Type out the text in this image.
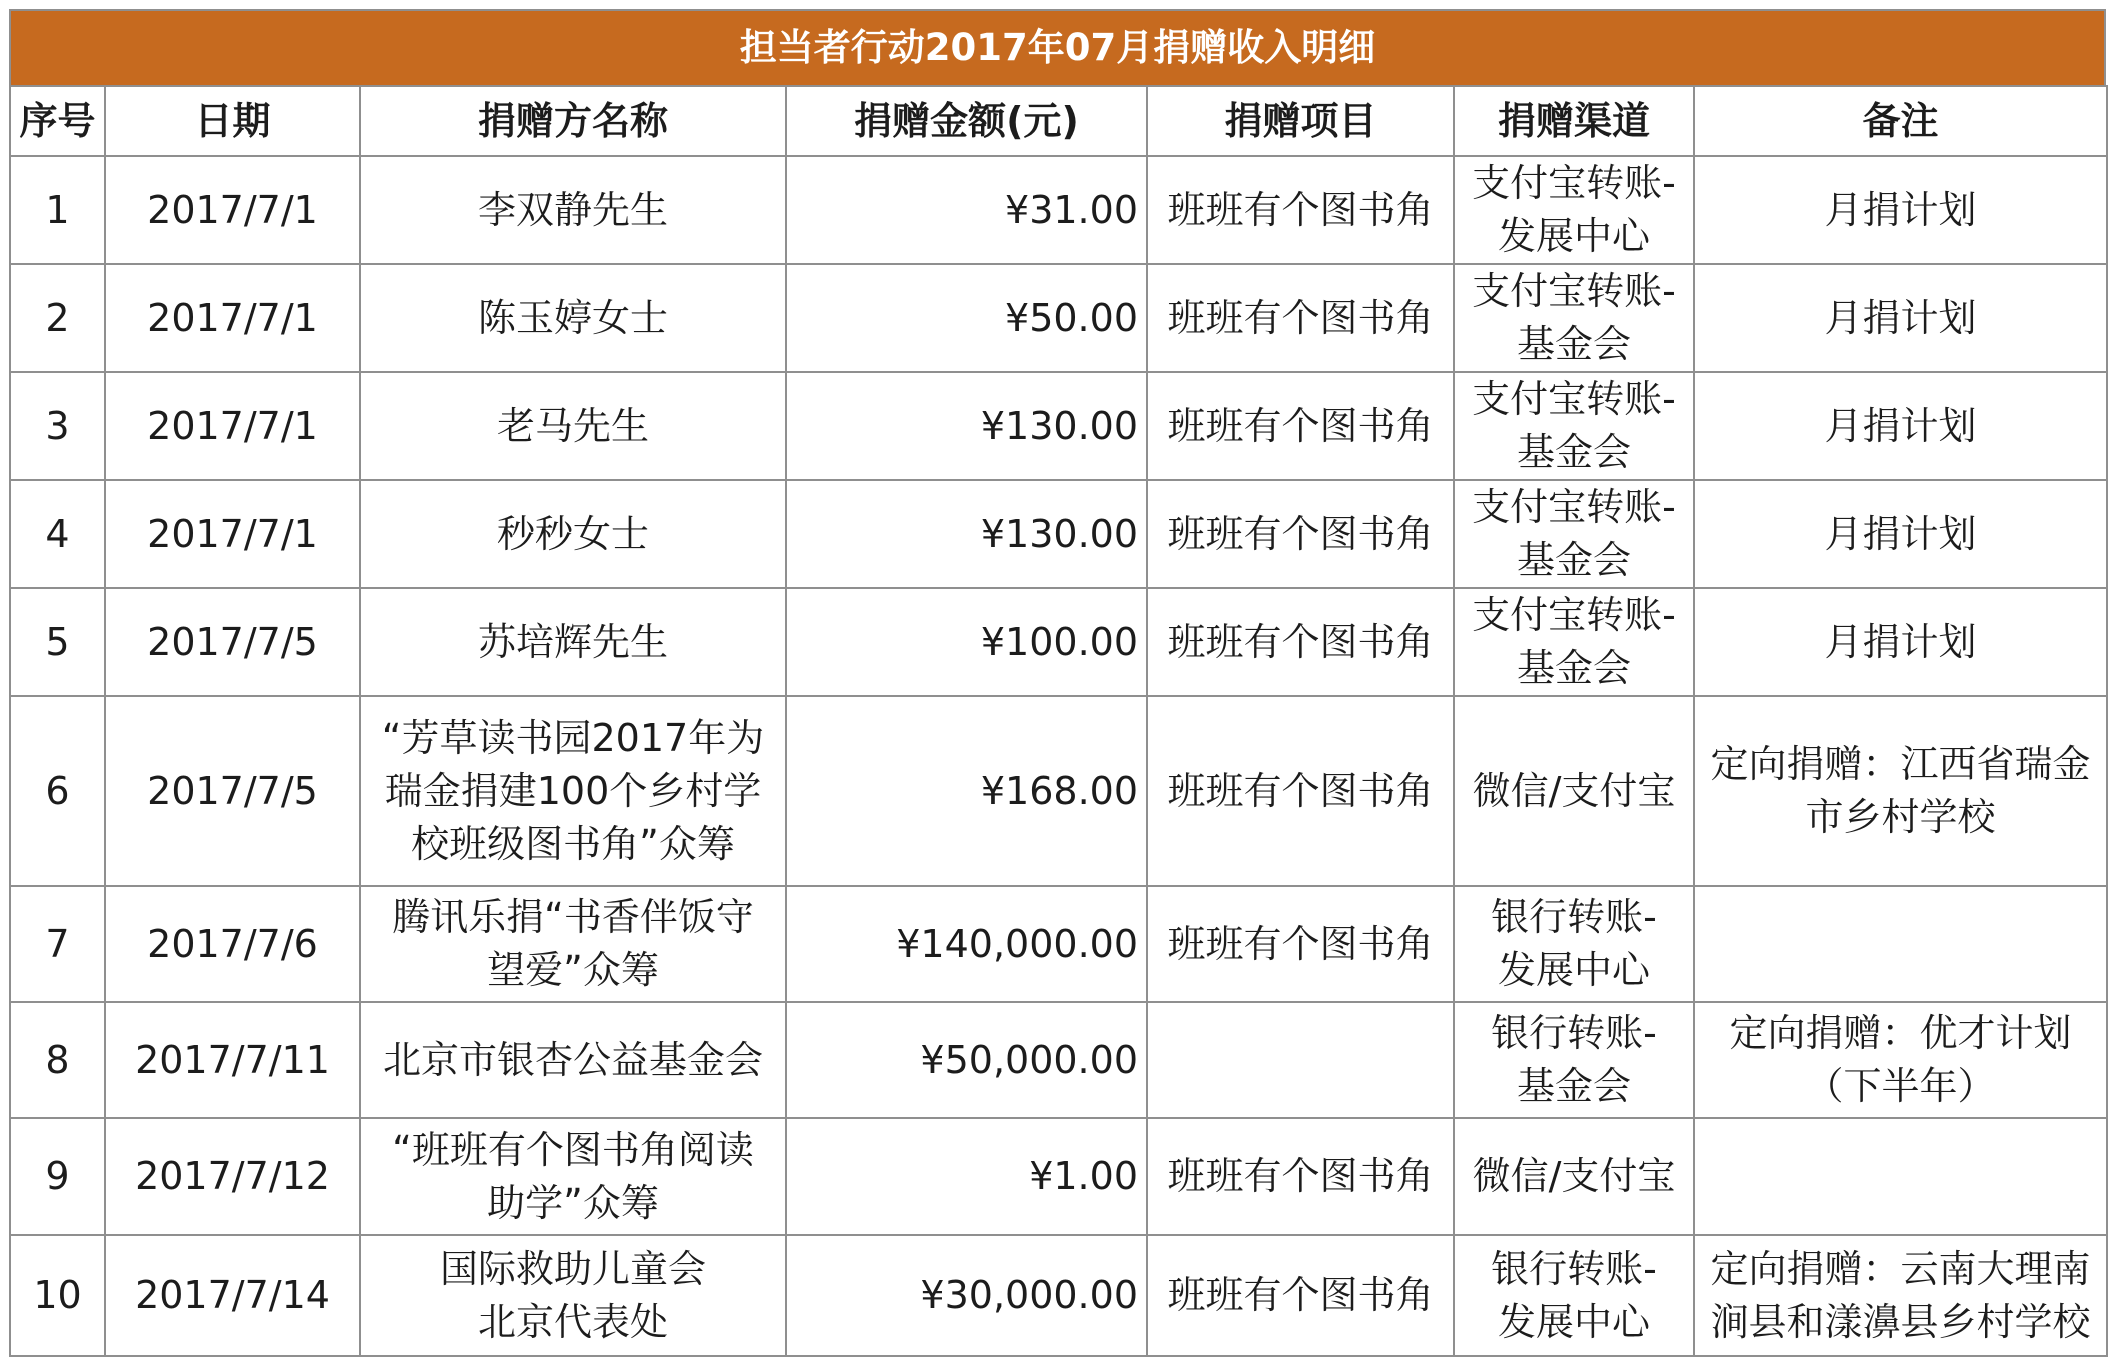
担当者行动2017年07月捐赠收入明细
序号	日期	捐赠方名称	捐赠金额(元)	捐赠项目	捐赠渠道	备注

1	2017/7/1	李双静先生	¥31.00	班班有个图书角	支付宝转账-
发展中心	月捐计划

2	2017/7/1	陈玉婷女士	¥50.00	班班有个图书角	支付宝转账-
基金会	月捐计划

3	2017/7/1	老马先生	¥130.00	班班有个图书角	支付宝转账-
基金会	月捐计划

4	2017/7/1	秒秒女士	¥130.00	班班有个图书角	支付宝转账-
基金会	月捐计划

5	2017/7/5	苏培辉先生	¥100.00	班班有个图书角	支付宝转账-
基金会	月捐计划

6	2017/7/5	“芳草读书园2017年为
瑞金捐建100个乡村学
校班级图书角”众筹	¥168.00	班班有个图书角	微信/支付宝	定向捐赠：江西省瑞金
市乡村学校

7	2017/7/6	腾讯乐捐“书香伴饭守
望爱”众筹	¥140,000.00	班班有个图书角	银行转账-
发展中心	

8	2017/7/11	北京市银杏公益基金会	¥50,000.00		银行转账-
基金会	定向捐赠：优才计划
（下半年）

9	2017/7/12	“班班有个图书角阅读
助学”众筹	¥1.00	班班有个图书角	微信/支付宝	

10	2017/7/14	国际救助儿童会
北京代表处	¥30,000.00	班班有个图书角	银行转账-
发展中心	定向捐赠：云南大理南
涧县和漾濞县乡村学校
